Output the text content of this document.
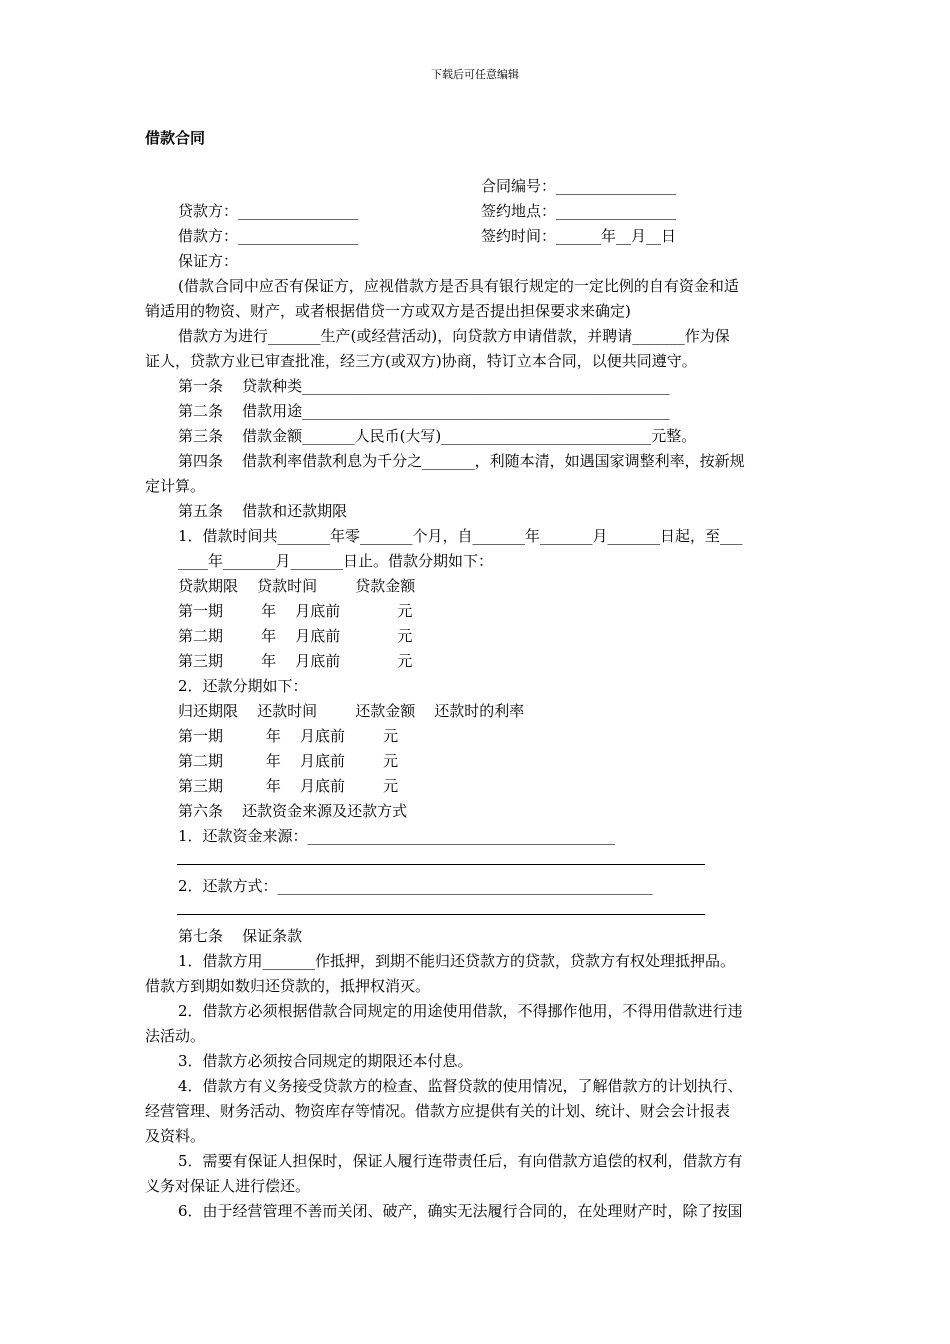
下载后可任意编辑
借款合同
合同编号：________________
贷款方：________________	签约地点：________________
借款方：________________	签约时间：______年__月__日
保证方：
(借款合同中应否有保证方，应视借款方是否具有银行规定的一定比例的自有资金和适
销适用的物资、财产，或者根据借贷一方或双方是否提出担保要求来确定)
借款方为进行_______生产(或经营活动)，向贷款方申请借款，并聘请_______作为保
证人，贷款方业已审查批准，经三方(或双方)协商，特订立本合同，以便共同遵守。
第一条    贷款种类_________________________________________________
第二条    借款用途_________________________________________________
第三条    借款金额_______人民币(大写)____________________________元整。
第四条    借款利率借款利息为千分之_______，利随本清，如遇国家调整利率，按新规
定计算。
第五条    借款和还款期限
1．借款时间共_______年零_______个月，自_______年_______月_______日起，至___
____年_______月_______日止。借款分期如下：
贷款期限    贷款时间        贷款金额
第一期        年    月底前            元
第二期        年    月底前            元
第三期        年    月底前            元
2．还款分期如下：
归还期限    还款时间        还款金额    还款时的利率
第一期         年    月底前        元
第二期         年    月底前        元
第三期         年    月底前        元
第六条    还款资金来源及还款方式
1．还款资金来源：_________________________________________
2．还款方式：__________________________________________________
第七条    保证条款
1．借款方用_______作抵押，到期不能归还贷款方的贷款，贷款方有权处理抵押品。
借款方到期如数归还贷款的，抵押权消灭。
2．借款方必须根据借款合同规定的用途使用借款，不得挪作他用，不得用借款进行违
法活动。
3．借款方必须按合同规定的期限还本付息。
4．借款方有义务接受贷款方的检查、监督贷款的使用情况，了解借款方的计划执行、
经营管理、财务活动、物资库存等情况。借款方应提供有关的计划、统计、财会会计报表
及资料。
5．需要有保证人担保时，保证人履行连带责任后，有向借款方追偿的权利，借款方有
义务对保证人进行偿还。
6．由于经营管理不善而关闭、破产，确实无法履行合同的，在处理财产时，除了按国
